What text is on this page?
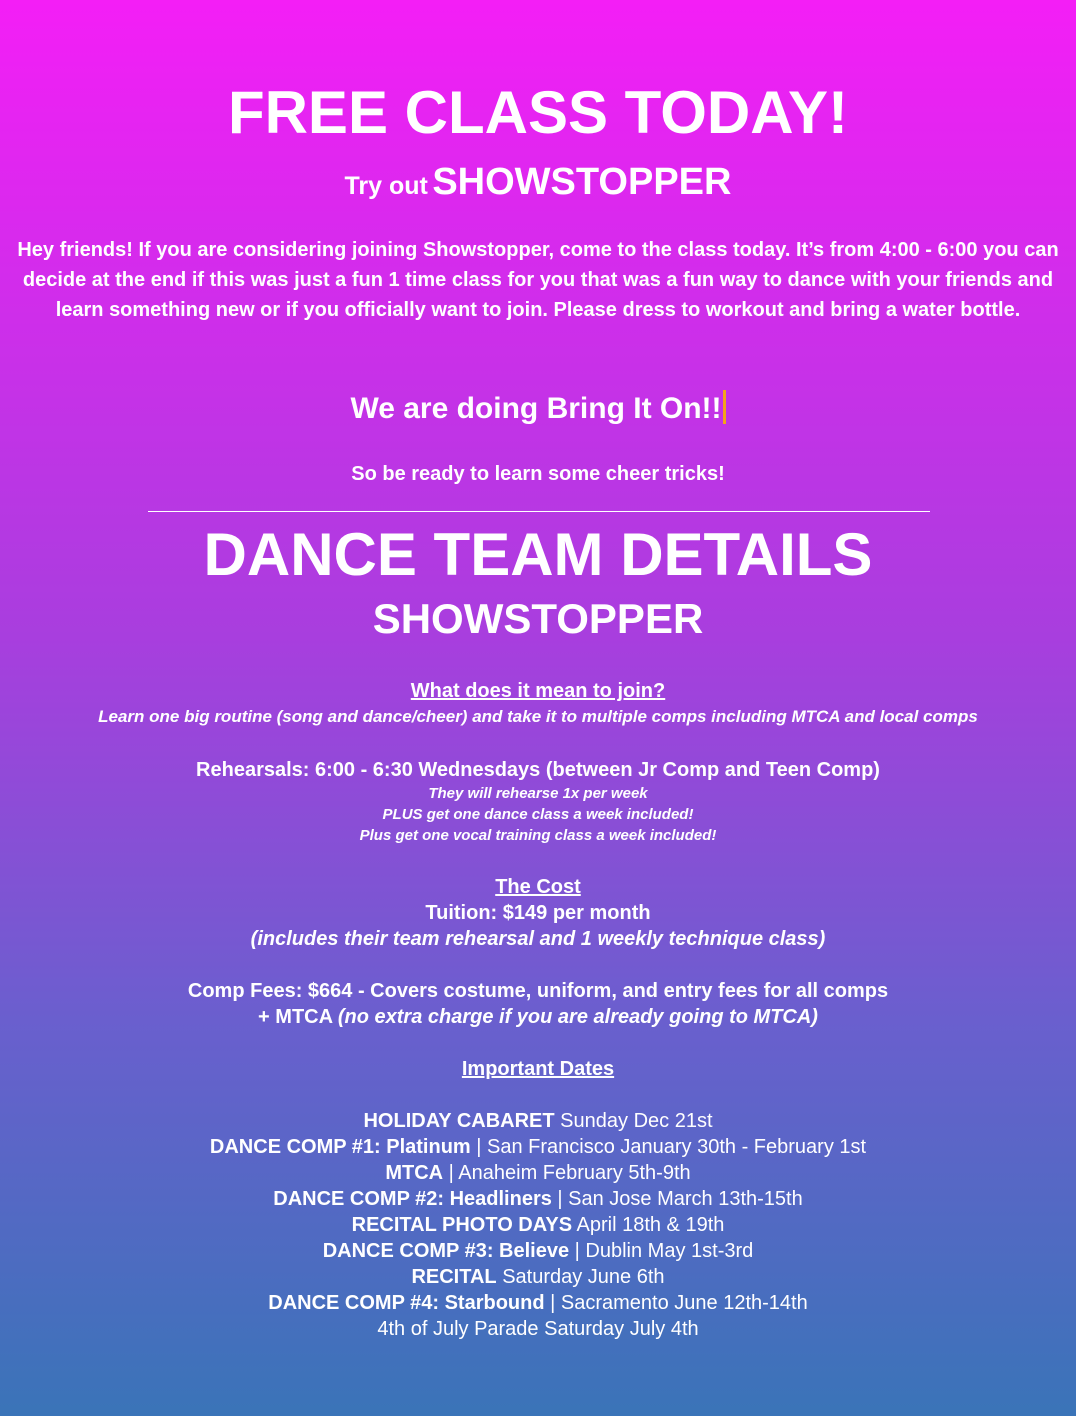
FREE CLASS TODAY!
Try out SHOWSTOPPER
Hey friends! If you are considering joining Showstopper, come to the class today. It’s from 4:00 - 6:00 you can decide at the end if this was just a fun 1 time class for you that was a fun way to dance with your friends and learn something new or if you officially want to join. Please dress to workout and bring a water bottle.
We are doing Bring It On!!
So be ready to learn some cheer tricks!
DANCE TEAM DETAILS
SHOWSTOPPER
What does it mean to join?
Learn one big routine (song and dance/cheer) and take it to multiple comps including MTCA and local comps
Rehearsals: 6:00 - 6:30 Wednesdays (between Jr Comp and Teen Comp)
They will rehearse 1x per week
PLUS get one dance class a week included!
Plus get one vocal training class a week included!
The Cost
Tuition: $149 per month
(includes their team rehearsal and 1 weekly technique class)
Comp Fees: $664 - Covers costume, uniform, and entry fees for all comps
+ MTCA (no extra charge if you are already going to MTCA)
Important Dates
HOLIDAY CABARET Sunday Dec 21st
DANCE COMP #1: Platinum | San Francisco January 30th - February 1st
MTCA | Anaheim February 5th-9th
DANCE COMP #2: Headliners | San Jose March 13th-15th
RECITAL PHOTO DAYS April 18th & 19th
DANCE COMP #3: Believe | Dublin May 1st-3rd
RECITAL Saturday June 6th
DANCE COMP #4: Starbound | Sacramento June 12th-14th
4th of July Parade Saturday July 4th
